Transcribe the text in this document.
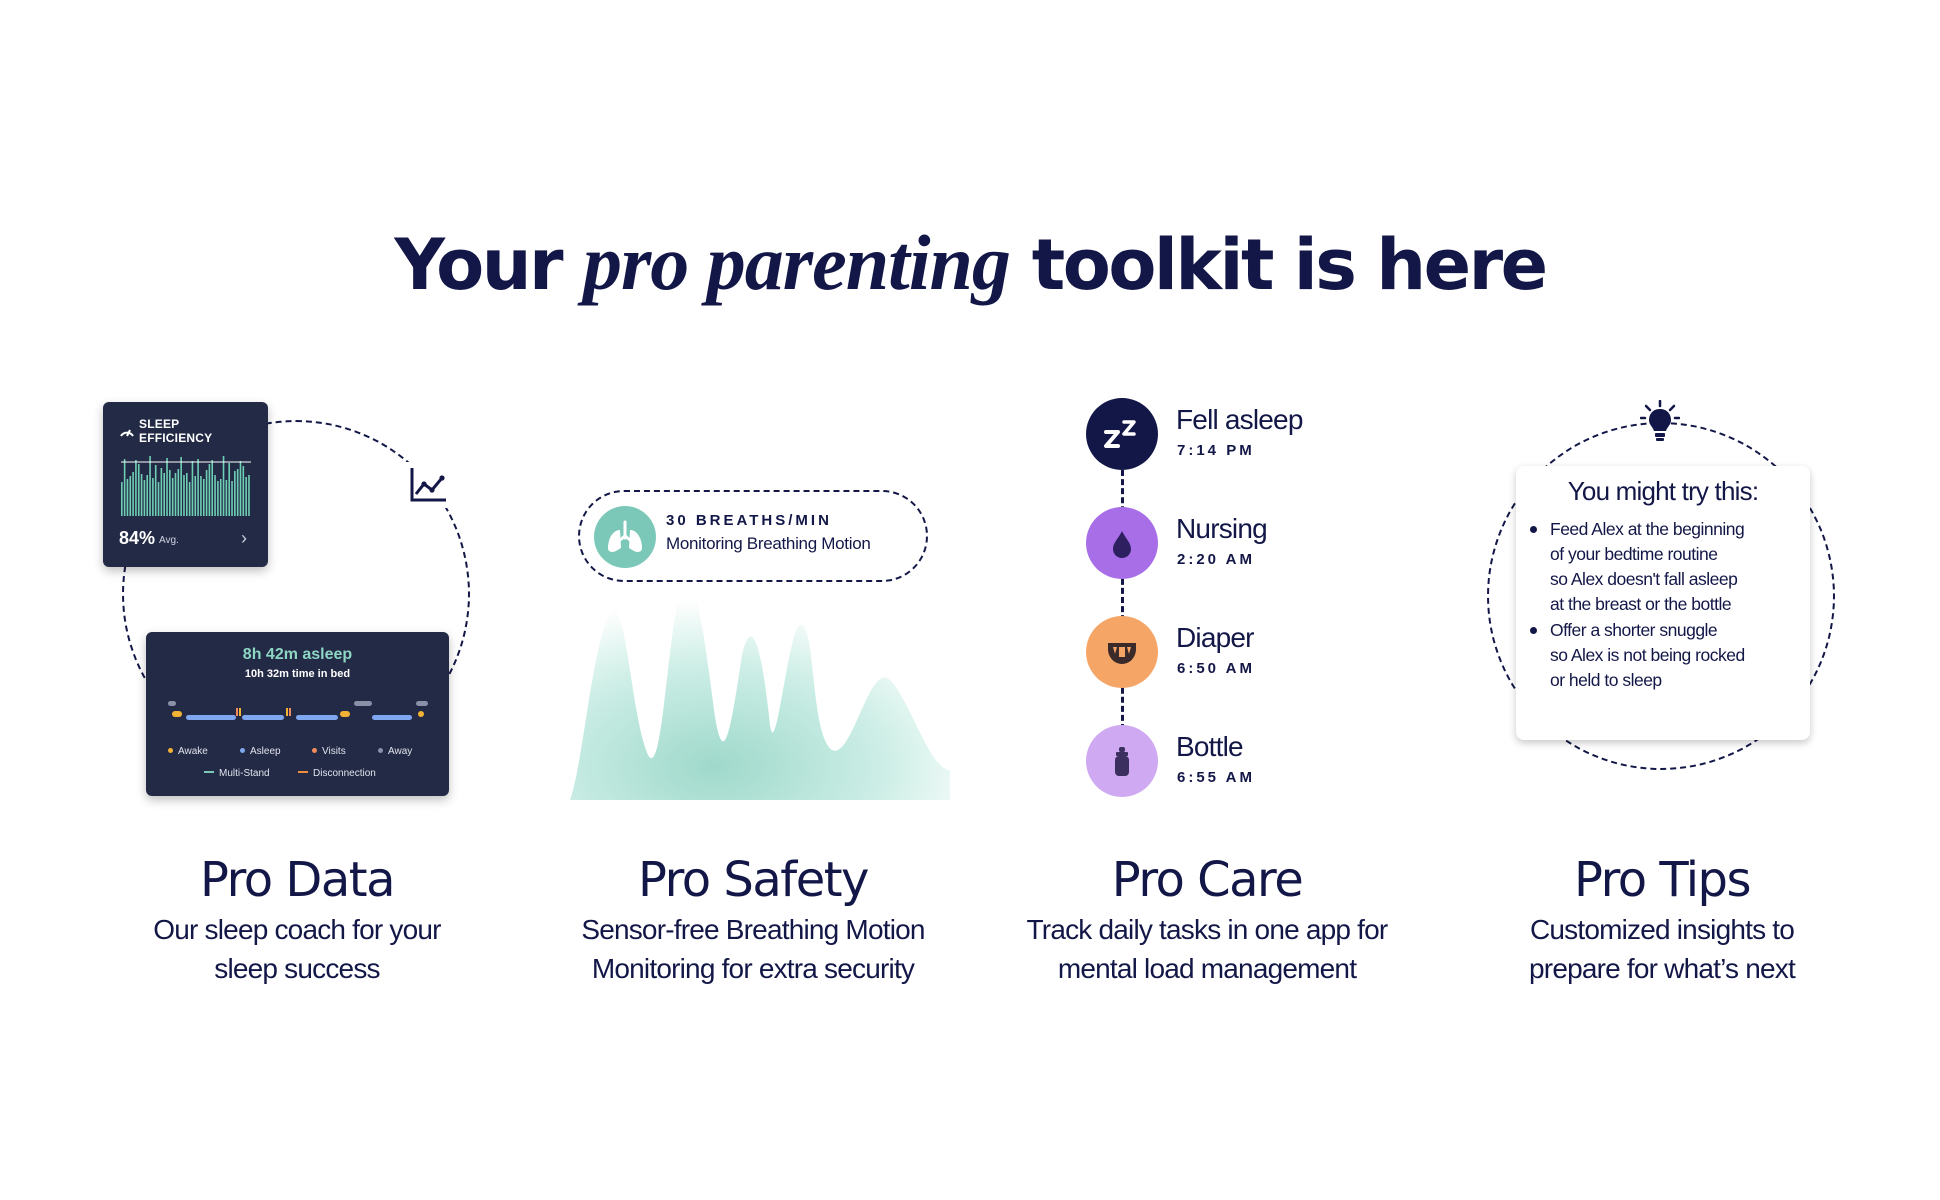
Your pro parenting toolkit is here
SLEEP EFFICIENCY
84% Avg.	›
8h 42m asleep
10h 32m time in bed
Awake	Asleep	Visits	Away
Multi-Stand	Disconnection
30 BREATHS/MIN
Monitoring Breathing Motion
Fell asleep
7:14 PM
Nursing
2:20 AM
Diaper
6:50 AM
Bottle
6:55 AM
You might try this:
Feed Alex at the beginning
of your bedtime routine
so Alex doesn't fall asleep
at the breast or the bottle
Offer a shorter snuggle
so Alex is not being rocked
or held to sleep
Pro Data
Our sleep coach for your
sleep success
Pro Safety
Sensor-free Breathing Motion
Monitoring for extra security
Pro Care
Track daily tasks in one app for
mental load management
Pro Tips
Customized insights to
prepare for what’s next
